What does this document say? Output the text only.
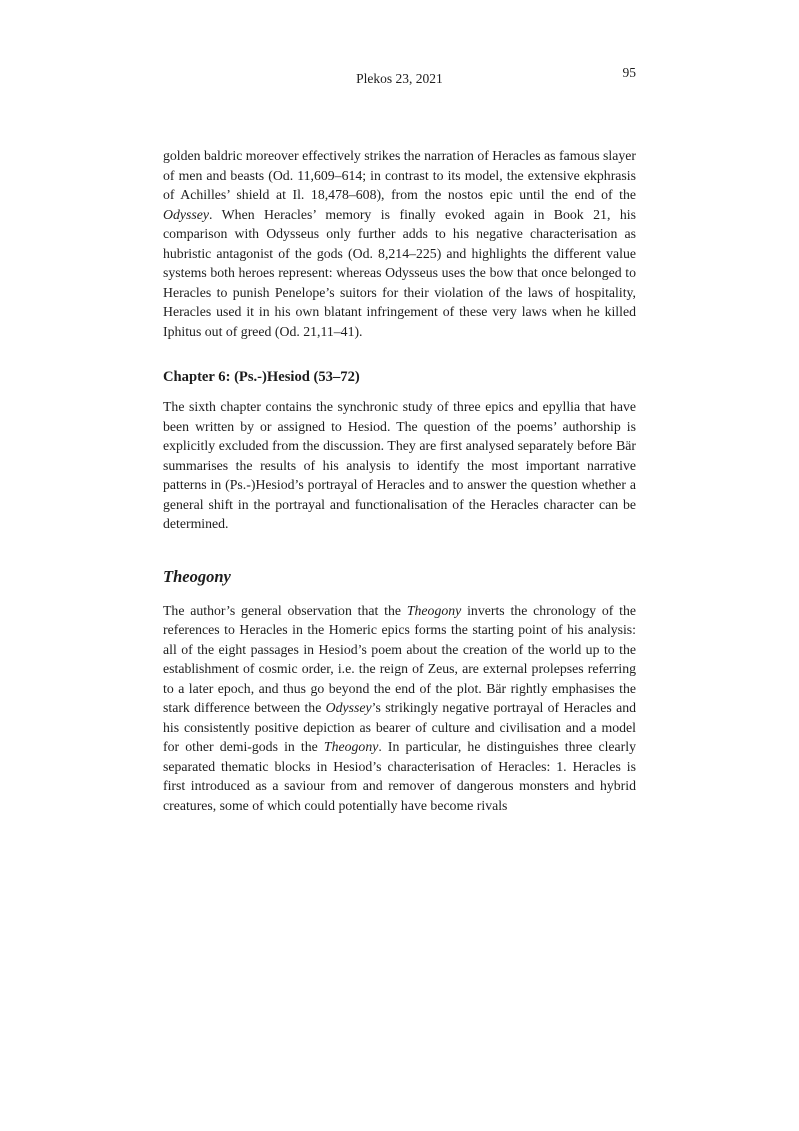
Plekos 23, 2021	95

golden baldric moreover effectively strikes the narration of Heracles as famous slayer of men and beasts (Od. 11,609–614; in contrast to its model, the extensive ekphrasis of Achilles’ shield at Il. 18,478–608), from the nostos epic until the end of the Odyssey. When Heracles’ memory is finally evoked again in Book 21, his comparison with Odysseus only further adds to his negative characterisation as hubristic antagonist of the gods (Od. 8,214–225) and highlights the different value systems both heroes represent: whereas Odysseus uses the bow that once belonged to Heracles to punish Penelope’s suitors for their violation of the laws of hospitality, Heracles used it in his own blatant infringement of these very laws when he killed Iphitus out of greed (Od. 21,11–41).

Chapter 6: (Ps.-)Hesiod (53–72)

The sixth chapter contains the synchronic study of three epics and epyllia that have been written by or assigned to Hesiod. The question of the poems’ authorship is explicitly excluded from the discussion. They are first analysed separately before Bär summarises the results of his analysis to identify the most important narrative patterns in (Ps.-)Hesiod’s portrayal of Heracles and to answer the question whether a general shift in the portrayal and functionalisation of the Heracles character can be determined.

Theogony

The author’s general observation that the Theogony inverts the chronology of the references to Heracles in the Homeric epics forms the starting point of his analysis: all of the eight passages in Hesiod’s poem about the creation of the world up to the establishment of cosmic order, i.e. the reign of Zeus, are external prolepses referring to a later epoch, and thus go beyond the end of the plot. Bär rightly emphasises the stark difference between the Odyssey’s strikingly negative portrayal of Heracles and his consistently positive depiction as bearer of culture and civilisation and a model for other demi-gods in the Theogony. In particular, he distinguishes three clearly separated thematic blocks in Hesiod’s characterisation of Heracles: 1. Heracles is first introduced as a saviour from and remover of dangerous monsters and hybrid creatures, some of which could potentially have become rivals
